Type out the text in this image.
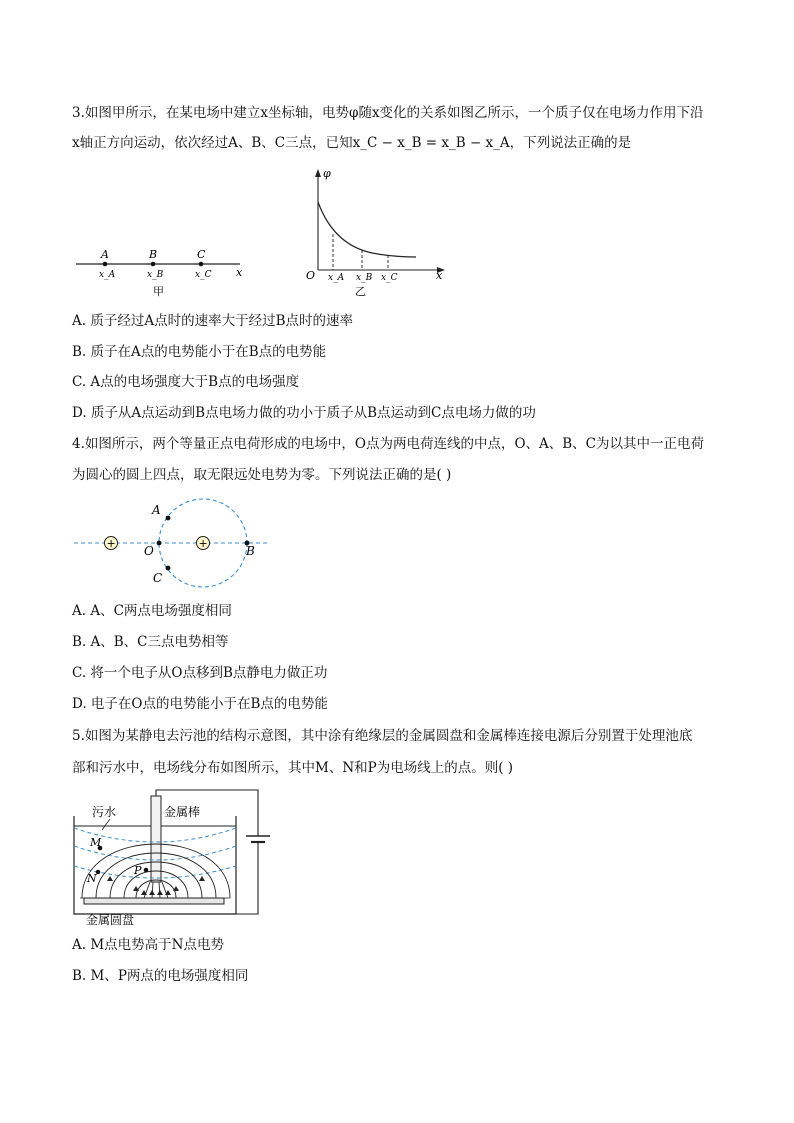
3.如图甲所示，在某电场中建立x坐标轴，电势φ随x变化的关系如图乙所示，一个质子仅在电场力作用下沿
x轴正方向运动，依次经过A、B、C三点，已知x_C − x_B = x_B − x_A，下列说法正确的是
A	B	C
x_A	x_B	x_C x
甲
φ
O	x
x_A x_B x_C
乙
A. 质子经过A点时的速率大于经过B点时的速率
B. 质子在A点的电势能小于在B点的电势能
C. A点的电场强度大于B点的电场强度
D. 质子从A点运动到B点电场力做的功小于质子从B点运动到C点电场力做的功
4.如图所示，两个等量正点电荷形成的电场中，O点为两电荷连线的中点，O、A、B、C为以其中一正电荷
为圆心的圆上四点，取无限远处电势为零。下列说法正确的是( )
+	+
A
O	B
C
A. A、C两点电场强度相同
B. A、B、C三点电势相等
C. 将一个电子从O点移到B点静电力做正功
D. 电子在O点的电势能小于在B点的电势能
5.如图为某静电去污池的结构示意图，其中涂有绝缘层的金属圆盘和金属棒连接电源后分别置于处理池底
部和污水中，电场线分布如图所示，其中M、N和P为电场线上的点。则( )
M
N
P
污水	金属棒
金属圆盘
A. M点电势高于N点电势
B. M、P两点的电场强度相同
